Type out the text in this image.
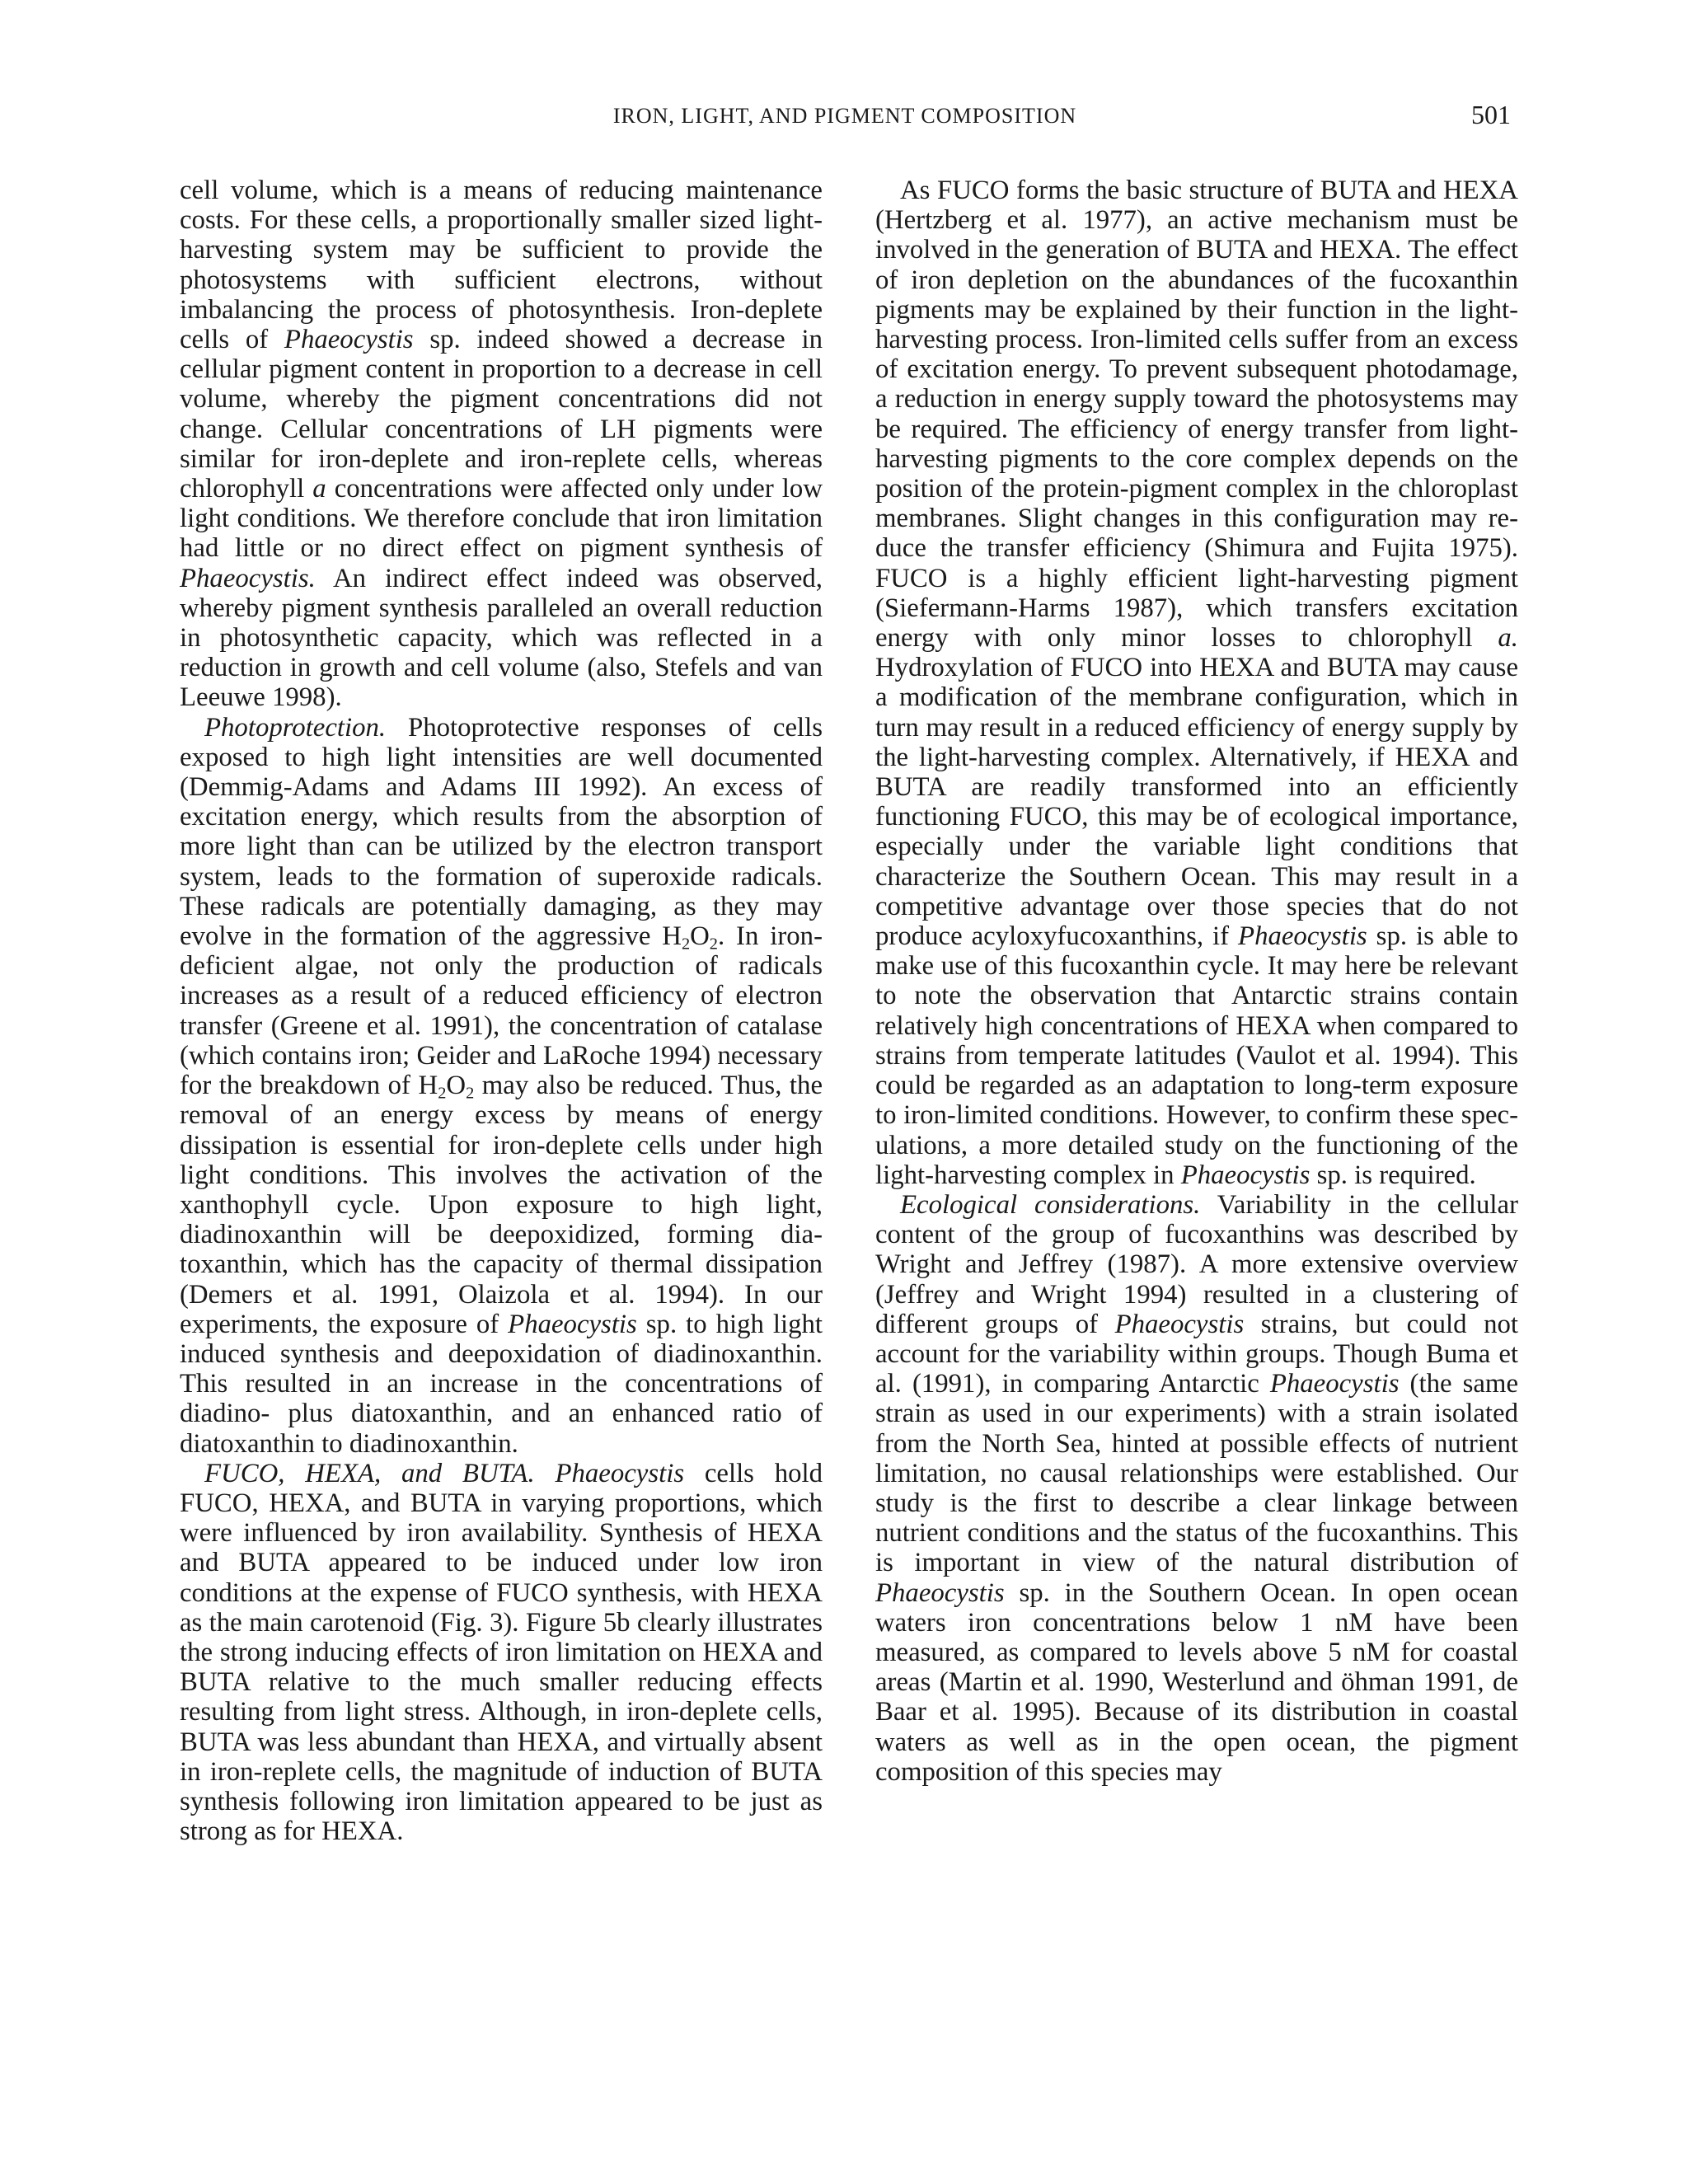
IRON, LIGHT, AND PIGMENT COMPOSITION	501

cell volume, which is a means of reducing maintenance costs. For these cells, a proportionally smaller sized light-harvesting system may be sufficient to provide the photosystems with sufficient electrons, without imbalancing the process of photosynthesis. Iron-deplete cells of Phaeocystis sp. indeed showed a decrease in cellular pigment content in proportion to a decrease in cell volume, whereby the pigment concentrations did not change. Cellular concentrations of LH pigments were similar for iron-deplete and iron-replete cells, whereas chlorophyll a concentrations were affected only under low light conditions. We therefore conclude that iron limitation had little or no direct effect on pigment synthesis of Phaeocystis. An indirect effect indeed was observed, whereby pigment synthesis paralleled an overall reduction in photosynthetic capacity, which was reflected in a reduction in growth and cell volume (also, Stefels and van Leeuwe 1998).

Photoprotection. Photoprotective responses of cells exposed to high light intensities are well documented (Demmig-Adams and Adams III 1992). An excess of excitation energy, which results from the absorption of more light than can be utilized by the electron transport system, leads to the formation of superoxide radicals. These radicals are potentially damaging, as they may evolve in the formation of the aggressive $H_2O_2$. In iron-deficient algae, not only the production of radicals increases as a result of a reduced efficiency of electron transfer (Greene et al. 1991), the concentration of catalase (which contains iron; Geider and LaRoche 1994) necessary for the breakdown of $H_2O_2$ may also be reduced. Thus, the removal of an energy excess by means of energy dissipation is essential for iron-deplete cells under high light conditions. This involves the activation of the xanthophyll cycle. Upon exposure to high light, diadinoxanthin will be deepoxidized, forming diatoxanthin, which has the capacity of thermal dissipation (Demers et al. 1991, Olaizola et al. 1994). In our experiments, the exposure of Phaeocystis sp. to high light induced synthesis and deepoxidation of diadinoxanthin. This resulted in an increase in the concentrations of diadino- plus diatoxanthin, and an enhanced ratio of diatoxanthin to diadinoxanthin.

FUCO, HEXA, and BUTA. Phaeocystis cells hold FUCO, HEXA, and BUTA in varying proportions, which were influenced by iron availability. Synthesis of HEXA and BUTA appeared to be induced under low iron conditions at the expense of FUCO synthesis, with HEXA as the main carotenoid (Fig. 3). Figure 5b clearly illustrates the strong inducing effects of iron limitation on HEXA and BUTA relative to the much smaller reducing effects resulting from light stress. Although, in iron-deplete cells, BUTA was less abundant than HEXA, and virtually absent in iron-replete cells, the magnitude of induction of BUTA synthesis following iron limitation appeared to be just as strong as for HEXA.

As FUCO forms the basic structure of BUTA and HEXA (Hertzberg et al. 1977), an active mechanism must be involved in the generation of BUTA and HEXA. The effect of iron depletion on the abundances of the fucoxanthin pigments may be explained by their function in the light-harvesting process. Iron-limited cells suffer from an excess of excitation energy. To prevent subsequent photodamage, a reduction in energy supply toward the photosystems may be required. The efficiency of energy transfer from light-harvesting pigments to the core complex depends on the position of the protein-pigment complex in the chloroplast membranes. Slight changes in this configuration may reduce the transfer efficiency (Shimura and Fujita 1975). FUCO is a highly efficient light-harvesting pigment (Siefermann-Harms 1987), which transfers excitation energy with only minor losses to chlorophyll a. Hydroxylation of FUCO into HEXA and BUTA may cause a modification of the membrane configuration, which in turn may result in a reduced efficiency of energy supply by the light-harvesting complex. Alternatively, if HEXA and BUTA are readily transformed into an efficiently functioning FUCO, this may be of ecological importance, especially under the variable light conditions that characterize the Southern Ocean. This may result in a competitive advantage over those species that do not produce acyloxyfucoxanthins, if Phaeocystis sp. is able to make use of this fucoxanthin cycle. It may here be relevant to note the observation that Antarctic strains contain relatively high concentrations of HEXA when compared to strains from temperate latitudes (Vaulot et al. 1994). This could be regarded as an adaptation to long-term exposure to iron-limited conditions. However, to confirm these speculations, a more detailed study on the functioning of the light-harvesting complex in Phaeocystis sp. is required.

Ecological considerations. Variability in the cellular content of the group of fucoxanthins was described by Wright and Jeffrey (1987). A more extensive overview (Jeffrey and Wright 1994) resulted in a clustering of different groups of Phaeocystis strains, but could not account for the variability within groups. Though Buma et al. (1991), in comparing Antarctic Phaeocystis (the same strain as used in our experiments) with a strain isolated from the North Sea, hinted at possible effects of nutrient limitation, no causal relationships were established. Our study is the first to describe a clear linkage between nutrient conditions and the status of the fucoxanthins. This is important in view of the natural distribution of Phaeocystis sp. in the Southern Ocean. In open ocean waters iron concentrations below 1 nM have been measured, as compared to levels above 5 nM for coastal areas (Martin et al. 1990, Westerlund and öhman 1991, de Baar et al. 1995). Because of its distribution in coastal waters as well as in the open ocean, the pigment composition of this species may
